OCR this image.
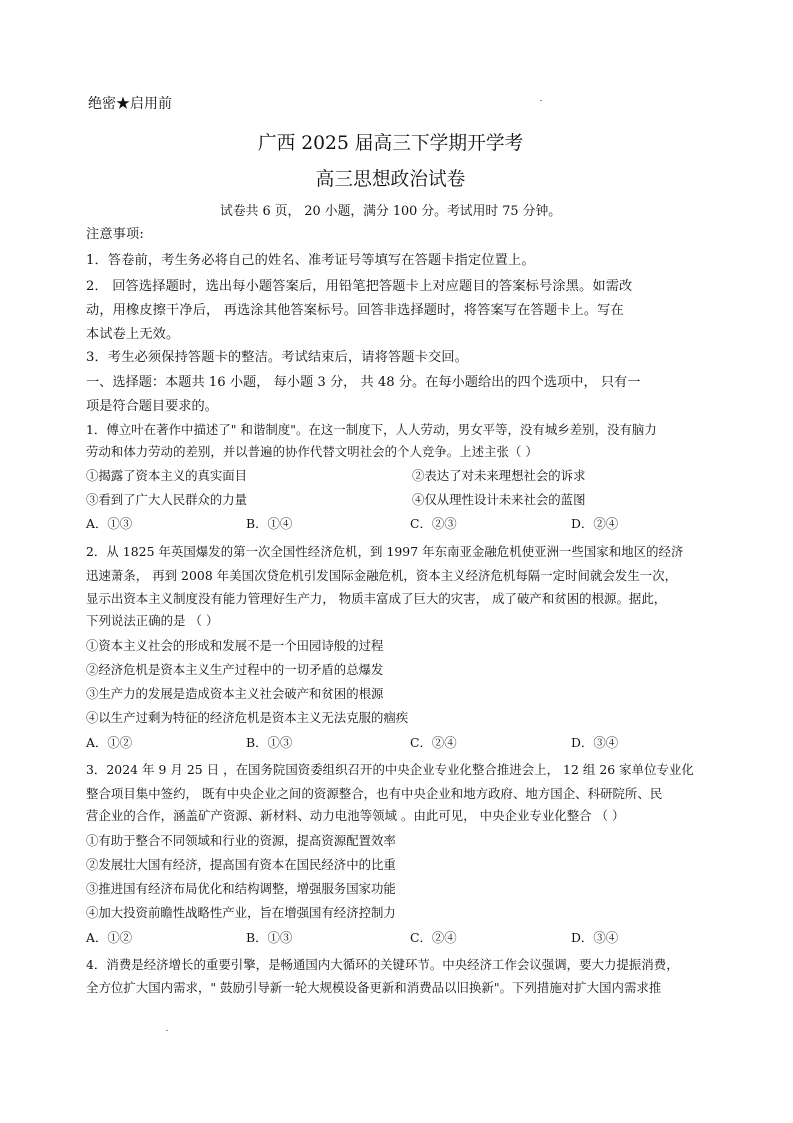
绝密★启用前
广西 2025 届高三下学期开学考
高三思想政治试卷
试卷共 6 页， 20 小题，满分 100 分。考试用时 75 分钟。
注意事项:
1．答卷前，考生务必将自己的姓名、准考证号等填写在答题卡指定位置上。
2． 回答选择题时，选出每小题答案后，用铅笔把答题卡上对应题目的答案标号涂黑。如需改
动，用橡皮擦干净后， 再选涂其他答案标号。回答非选择题时，将答案写在答题卡上。写在
本试卷上无效。
3．考生必须保持答题卡的整洁。考试结束后，请将答题卡交回。
一、选择题：本题共 16 小题， 每小题 3 分， 共 48 分。在每小题给出的四个选项中， 只有一
项是符合题目要求的。
1．傅立叶在著作中描述了" 和谐制度"。在这一制度下，人人劳动，男女平等，没有城乡差别，没有脑力
劳动和体力劳动的差别，并以普遍的协作代替文明社会的个人竞争。上述主张（ ）
①揭露了资本主义的真实面目	②表达了对未来理想社会的诉求
③看到了广大人民群众的力量	④仅从理性设计未来社会的蓝图
A．①③	B．①④	C．②③	D．②④
2．从 1825 年英国爆发的第一次全国性经济危机，到 1997 年东南亚金融危机使亚洲一些国家和地区的经济
迅速萧条， 再到 2008 年美国次贷危机引发国际金融危机，资本主义经济危机每隔一定时间就会发生一次，
显示出资本主义制度没有能力管理好生产力， 物质丰富成了巨大的灾害， 成了破产和贫困的根源。据此，
下列说法正确的是 （ ）
①资本主义社会的形成和发展不是一个田园诗般的过程
②经济危机是资本主义生产过程中的一切矛盾的总爆发
③生产力的发展是造成资本主义社会破产和贫困的根源
④以生产过剩为特征的经济危机是资本主义无法克服的痼疾
A．①②	B．①③	C．②④	D．③④
3．2024 年 9 月 25 日 ，在国务院国资委组织召开的中央企业专业化整合推进会上， 12 组 26 家单位专业化
整合项目集中签约， 既有中央企业之间的资源整合，也有中央企业和地方政府、地方国企、科研院所、民
营企业的合作，涵盖矿产资源、新材料、动力电池等领域 。由此可见， 中央企业专业化整合 （ ）
①有助于整合不同领域和行业的资源，提高资源配置效率
②发展壮大国有经济，提高国有资本在国民经济中的比重
③推进国有经济布局优化和结构调整，增强服务国家功能
④加大投资前瞻性战略性产业，旨在增强国有经济控制力
A．①②	B．①③	C．②④	D．③④
4．消费是经济增长的重要引擎，是畅通国内大循环的关键环节。中央经济工作会议强调，要大力提振消费，
全方位扩大国内需求，" 鼓励引导新一轮大规模设备更新和消费品以旧换新"。下列措施对扩大国内需求推
